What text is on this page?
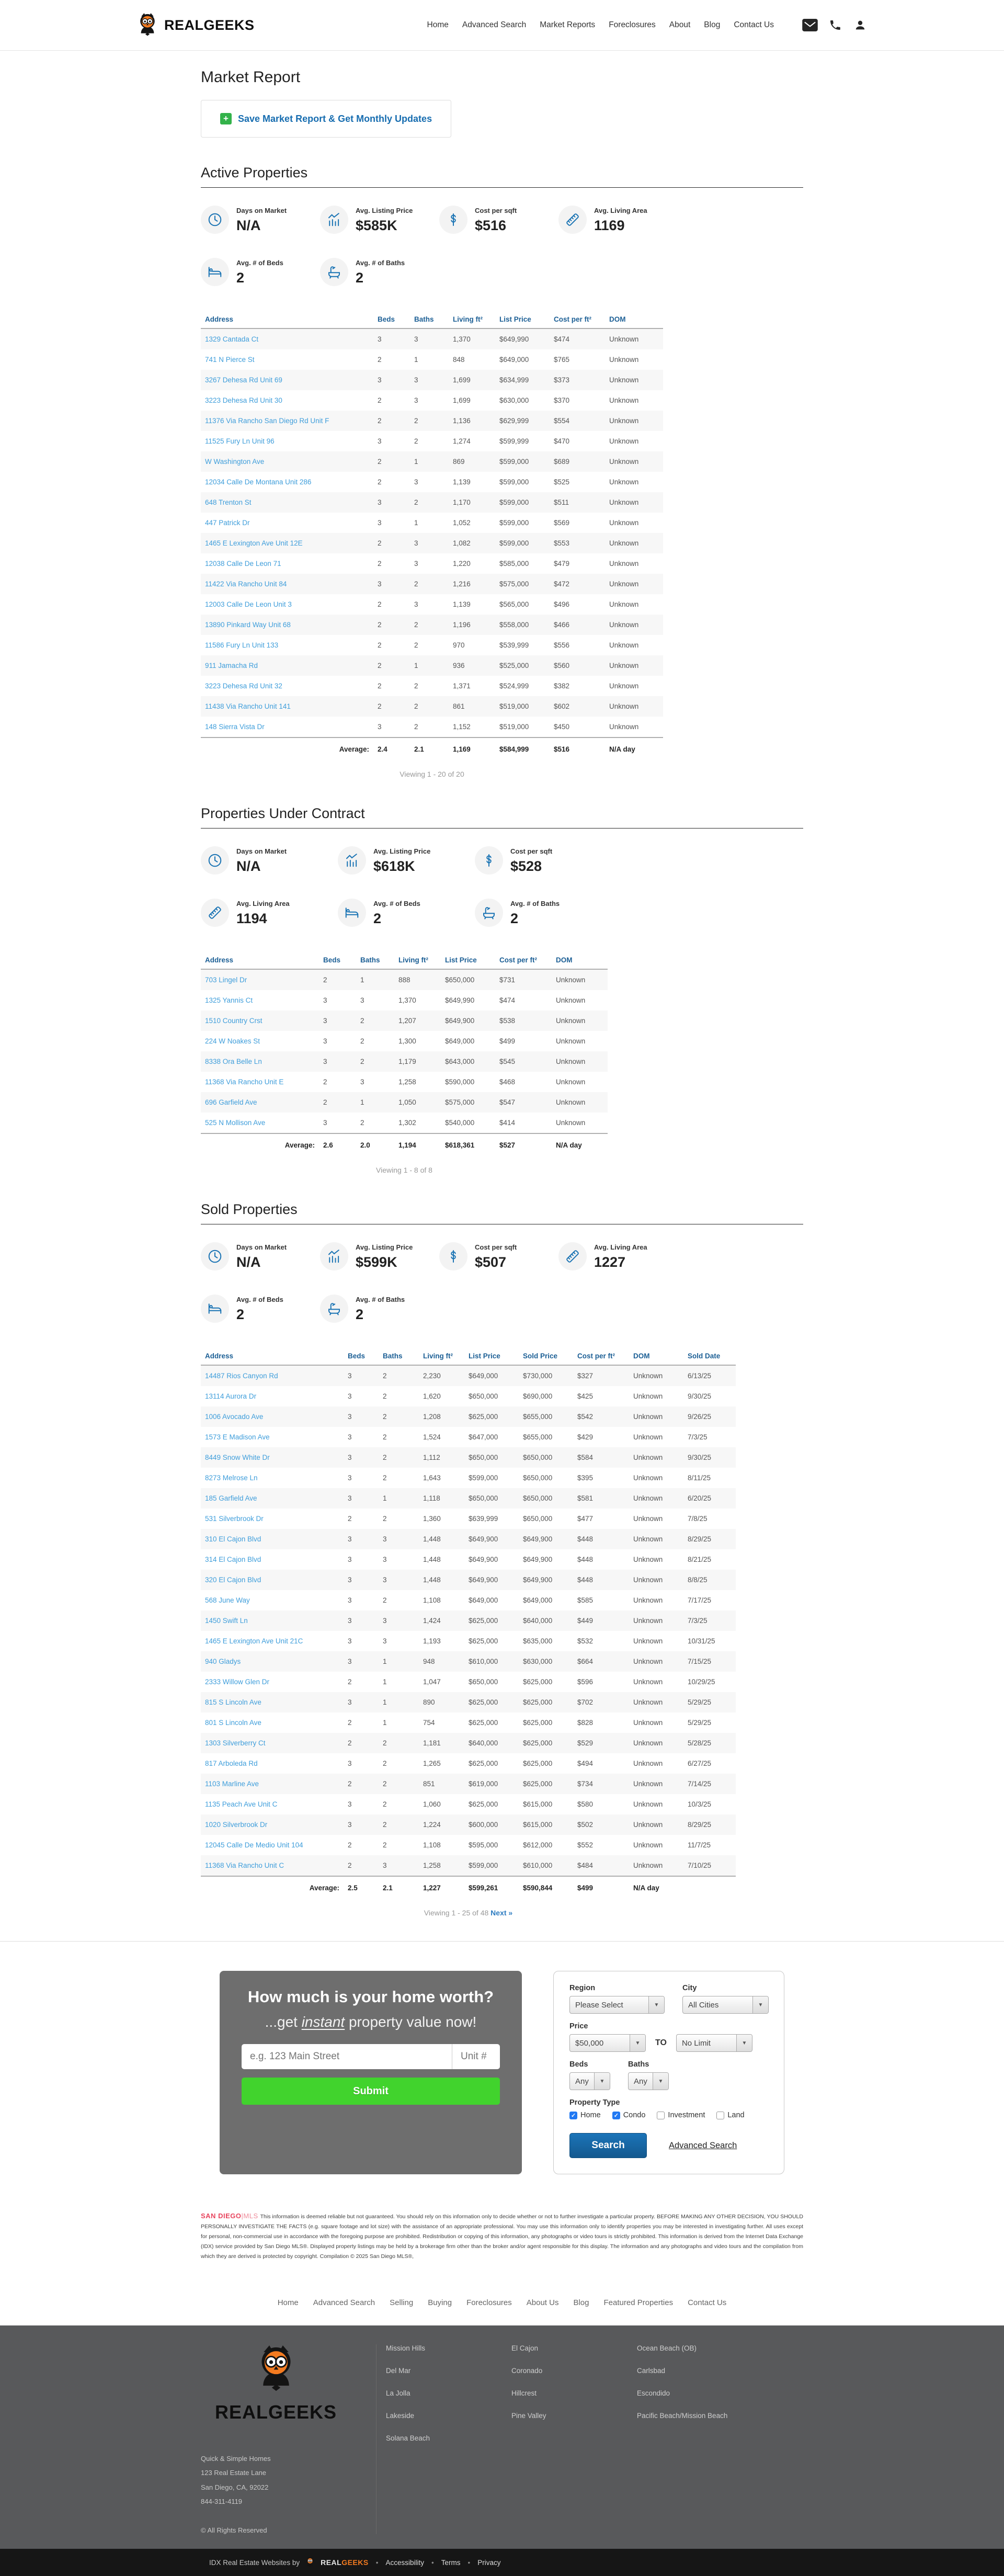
REALGEEKS	Home Advanced Search Market Reports Foreclosures About Blog Contact Us
Market Report
+	Save Market Report & Get Monthly Updates
Active Properties
Days on Market
N/A
Avg. Listing Price
$585K
Cost per sqft
$516
Avg. Living Area
1169
Avg. # of Beds
2
Avg. # of Baths
2
Address	Beds	Baths	Living ft²	List Price	Cost per ft²	DOM
1329 Cantada Ct	3	3	1,370	$649,990	$474	Unknown
741 N Pierce St	2	1	848	$649,000	$765	Unknown
3267 Dehesa Rd Unit 69	3	3	1,699	$634,999	$373	Unknown
3223 Dehesa Rd Unit 30	2	3	1,699	$630,000	$370	Unknown
11376 Via Rancho San Diego Rd Unit F	2	2	1,136	$629,999	$554	Unknown
11525 Fury Ln Unit 96	3	2	1,274	$599,999	$470	Unknown
W Washington Ave	2	1	869	$599,000	$689	Unknown
12034 Calle De Montana Unit 286	2	3	1,139	$599,000	$525	Unknown
648 Trenton St	3	2	1,170	$599,000	$511	Unknown
447 Patrick Dr	3	1	1,052	$599,000	$569	Unknown
1465 E Lexington Ave Unit 12E	2	3	1,082	$599,000	$553	Unknown
12038 Calle De Leon 71	2	3	1,220	$585,000	$479	Unknown
11422 Via Rancho Unit 84	3	2	1,216	$575,000	$472	Unknown
12003 Calle De Leon Unit 3	2	3	1,139	$565,000	$496	Unknown
13890 Pinkard Way Unit 68	2	2	1,196	$558,000	$466	Unknown
11586 Fury Ln Unit 133	2	2	970	$539,999	$556	Unknown
911 Jamacha Rd	2	1	936	$525,000	$560	Unknown
3223 Dehesa Rd Unit 32	2	2	1,371	$524,999	$382	Unknown
11438 Via Rancho Unit 141	2	2	861	$519,000	$602	Unknown
148 Sierra Vista Dr	3	2	1,152	$519,000	$450	Unknown
Average:	2.4	2.1	1,169	$584,999	$516	N/A day
Viewing 1 - 20 of 20
Properties Under Contract
Days on Market
N/A
Avg. Listing Price
$618K
Cost per sqft
$528
Avg. Living Area
1194
Avg. # of Beds
2
Avg. # of Baths
2
Address	Beds	Baths	Living ft²	List Price	Cost per ft²	DOM
703 Lingel Dr	2	1	888	$650,000	$731	Unknown
1325 Yannis Ct	3	3	1,370	$649,990	$474	Unknown
1510 Country Crst	3	2	1,207	$649,900	$538	Unknown
224 W Noakes St	3	2	1,300	$649,000	$499	Unknown
8338 Ora Belle Ln	3	2	1,179	$643,000	$545	Unknown
11368 Via Rancho Unit E	2	3	1,258	$590,000	$468	Unknown
696 Garfield Ave	2	1	1,050	$575,000	$547	Unknown
525 N Mollison Ave	3	2	1,302	$540,000	$414	Unknown
Average:	2.6	2.0	1,194	$618,361	$527	N/A day
Viewing 1 - 8 of 8
Sold Properties
Days on Market
N/A
Avg. Listing Price
$599K
Cost per sqft
$507
Avg. Living Area
1227
Avg. # of Beds
2
Avg. # of Baths
2
Address	Beds	Baths	Living ft²	List Price	Sold Price	Cost per ft²	DOM	Sold Date
14487 Rios Canyon Rd	3	2	2,230	$649,000	$730,000	$327	Unknown	6/13/25
13114 Aurora Dr	3	2	1,620	$650,000	$690,000	$425	Unknown	9/30/25
1006 Avocado Ave	3	2	1,208	$625,000	$655,000	$542	Unknown	9/26/25
1573 E Madison Ave	3	2	1,524	$647,000	$655,000	$429	Unknown	7/3/25
8449 Snow White Dr	3	2	1,112	$650,000	$650,000	$584	Unknown	9/30/25
8273 Melrose Ln	3	2	1,643	$599,000	$650,000	$395	Unknown	8/11/25
185 Garfield Ave	3	1	1,118	$650,000	$650,000	$581	Unknown	6/20/25
531 Silverbrook Dr	2	2	1,360	$639,999	$650,000	$477	Unknown	7/8/25
310 El Cajon Blvd	3	3	1,448	$649,900	$649,900	$448	Unknown	8/29/25
314 El Cajon Blvd	3	3	1,448	$649,900	$649,900	$448	Unknown	8/21/25
320 El Cajon Blvd	3	3	1,448	$649,900	$649,900	$448	Unknown	8/8/25
568 June Way	3	2	1,108	$649,000	$649,000	$585	Unknown	7/17/25
1450 Swift Ln	3	3	1,424	$625,000	$640,000	$449	Unknown	7/3/25
1465 E Lexington Ave Unit 21C	3	3	1,193	$625,000	$635,000	$532	Unknown	10/31/25
940 Gladys	3	1	948	$610,000	$630,000	$664	Unknown	7/15/25
2333 Willow Glen Dr	2	1	1,047	$650,000	$625,000	$596	Unknown	10/29/25
815 S Lincoln Ave	3	1	890	$625,000	$625,000	$702	Unknown	5/29/25
801 S Lincoln Ave	2	1	754	$625,000	$625,000	$828	Unknown	5/29/25
1303 Silverberry Ct	2	2	1,181	$640,000	$625,000	$529	Unknown	5/28/25
817 Arboleda Rd	3	2	1,265	$625,000	$625,000	$494	Unknown	6/27/25
1103 Marline Ave	2	2	851	$619,000	$625,000	$734	Unknown	7/14/25
1135 Peach Ave Unit C	3	2	1,060	$625,000	$615,000	$580	Unknown	10/3/25
1020 Silverbrook Dr	3	2	1,224	$600,000	$615,000	$502	Unknown	8/29/25
12045 Calle De Medio Unit 104	2	2	1,108	$595,000	$612,000	$552	Unknown	11/7/25
11368 Via Rancho Unit C	2	3	1,258	$599,000	$610,000	$484	Unknown	7/10/25
Average:	2.5	2.1	1,227	$599,261	$590,844	$499	N/A day	
Viewing 1 - 25 of 48 Next »
How much is your home worth?
...get instant property value now!
e.g. 123 Main Street
Unit #
Submit
Region
Please Select	▼
City
All Cities	▼
Price
$50,000	▼	TO No Limit	▼
Beds
Any	▼
Baths
Any	▼
Property Type
✓
Home ✓	Condo	Investment	Land
Search	Advanced Search

SAN DIEGO|MLS This information is deemed reliable but not guaranteed. You should rely on this information only to decide whether or not to further investigate a particular property. BEFORE MAKING ANY OTHER DECISION, YOU SHOULD PERSONALLY INVESTIGATE THE FACTS (e.g. square footage and lot size) with the assistance of an appropriate professional. You may use this information only to identify properties you may be interested in investigating further. All uses except for personal, non-commercial use in accordance with the foregoing purpose are prohibited. Redistribution or copying of this information, any photographs or video tours is strictly prohibited. This information is derived from the Internet Data Exchange (IDX) service provided by San Diego MLS®. Displayed property listings may be held by a brokerage firm other than the broker and/or agent responsible for this display. The information and any photographs and video tours and the compilation from which they are derived is protected by copyright. Compilation © 2025 San Diego MLS®,

Home Advanced Search Selling Buying Foreclosures About Us Blog Featured Properties Contact Us
REALGEEKS
Quick & Simple Homes
123 Real Estate Lane
San Diego, CA, 92022
844-311-4119
© All Rights Reserved
Mission Hills
Del Mar
La Jolla
Lakeside
Solana Beach
El Cajon
Coronado
Hillcrest
Pine Valley
Ocean Beach (OB)
Carlsbad
Escondido
Pacific Beach/Mission Beach
IDX Real Estate Websites by	REALGEEKS • Accessibility • Terms • Privacy
